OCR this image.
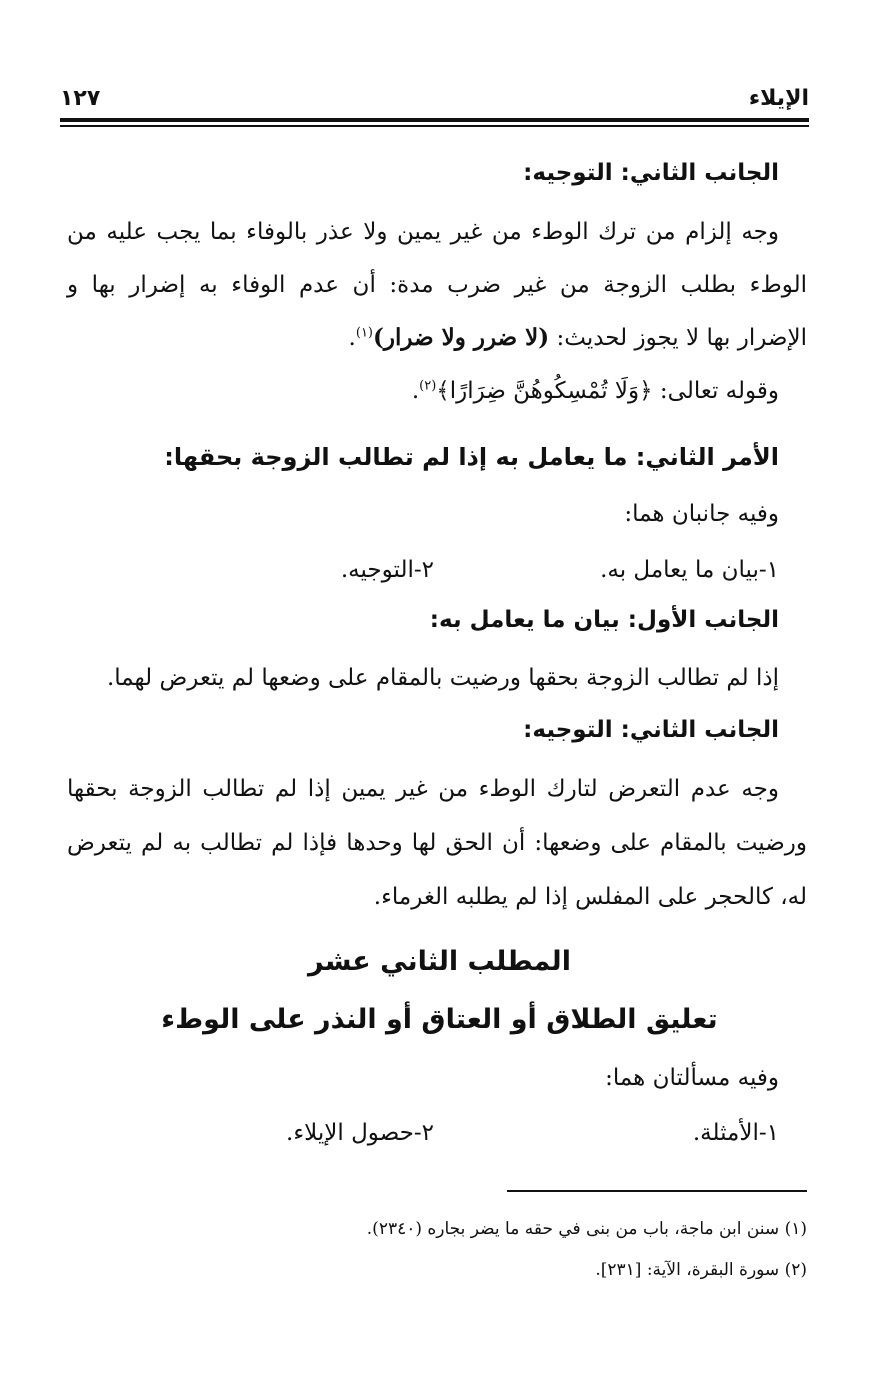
الإيلاء
١٢٧
الجانب الثاني: التوجيه:
وجه إلزام من ترك الوطء من غير يمين ولا عذر بالوفاء بما يجب عليه من
الوطء بطلب الزوجة من غير ضرب مدة: أن عدم الوفاء به إضرار بها و
الإضرار بها لا يجوز لحديث: (لا ضرر ولا ضرار)$^{(١)}$.
وقوله تعالى: ﴿وَلَا تُمْسِكُوهُنَّ ضِرَارًا﴾$^{(٢)}$.
الأمر الثاني: ما يعامل به إذا لم تطالب الزوجة بحقها:
وفيه جانبان هما:
١-بيان ما يعامل به.
٢-التوجيه.
الجانب الأول: بيان ما يعامل به:
إذا لم تطالب الزوجة بحقها ورضيت بالمقام على وضعها لم يتعرض لهما.
الجانب الثاني: التوجيه:
وجه عدم التعرض لتارك الوطء من غير يمين إذا لم تطالب الزوجة بحقها
ورضيت بالمقام على وضعها: أن الحق لها وحدها فإذا لم تطالب به لم يتعرض
له، كالحجر على المفلس إذا لم يطلبه الغرماء.
المطلب الثاني عشر
تعليق الطلاق أو العتاق أو النذر على الوطء
وفيه مسألتان هما:
١-الأمثلة.
٢-حصول الإيلاء.
(١) سنن ابن ماجة، باب من بنى في حقه ما يضر بجاره (٢٣٤٠).
(٢) سورة البقرة، الآية: [٢٣١].
